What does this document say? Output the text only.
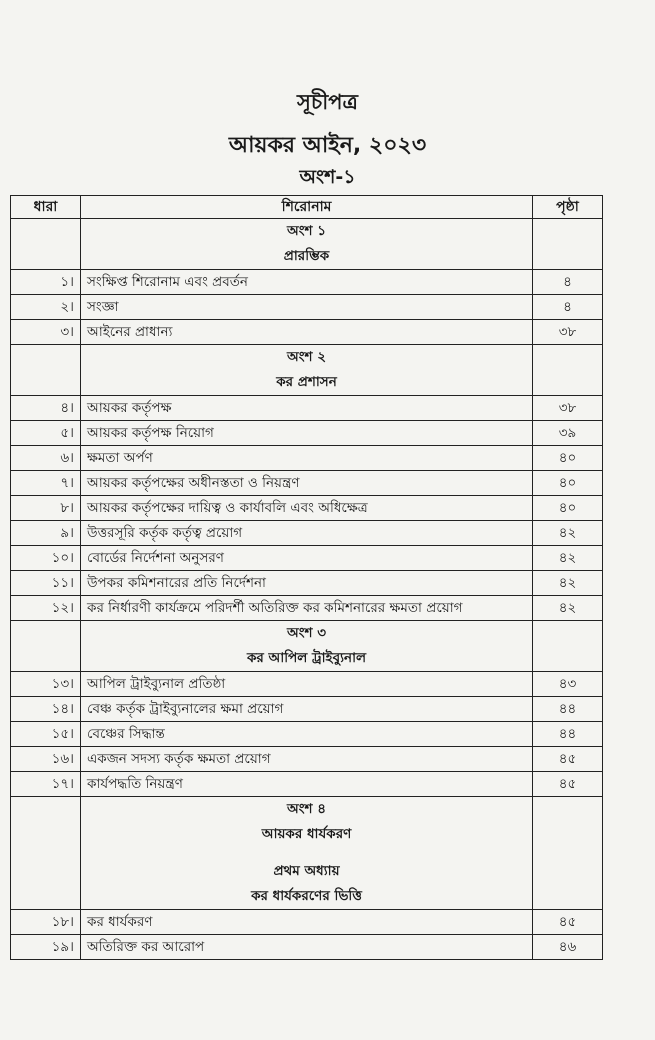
সূচীপত্র
আয়কর আইন, ২০২৩
অংশ-১
ধারা	শিরোনাম	পৃষ্ঠা

	অংশ ১
প্রারম্ভিক	

১।	সংক্ষিপ্ত শিরোনাম এবং প্রবর্তন	৪
২।	সংজ্ঞা	৪
৩।	আইনের প্রাধান্য	৩৮

	অংশ ২
কর প্রশাসন	

৪।	আয়কর কর্তৃপক্ষ	৩৮
৫।	আয়কর কর্তৃপক্ষ নিয়োগ	৩৯
৬।	ক্ষমতা অর্পণ	৪০
৭।	আয়কর কর্তৃপক্ষের অধীনস্ততা ও নিয়ন্ত্রণ	৪০
৮।	আয়কর কর্তৃপক্ষের দায়িত্ব ও কার্যাবলি এবং অধিক্ষেত্র	৪০
৯।	উত্তরসূরি কর্তৃক কর্তৃত্ব প্রয়োগ	৪২
১০।	বোর্ডের নির্দেশনা অনুসরণ	৪২
১১।	উপকর কমিশনারের প্রতি নির্দেশনা	৪২
১২।	কর নির্ধারণী কার্যক্রমে পরিদর্শী অতিরিক্ত কর কমিশনারের ক্ষমতা প্রয়োগ	৪২

	অংশ ৩
কর আপিল ট্রাইব্যুনাল	

১৩।	আপিল ট্রাইব্যুনাল প্রতিষ্ঠা	৪৩
১৪।	বেঞ্চ কর্তৃক ট্রাইব্যুনালের ক্ষমা প্রয়োগ	৪৪
১৫।	বেঞ্চের সিদ্ধান্ত	৪৪
১৬।	একজন সদস্য কর্তৃক ক্ষমতা প্রয়োগ	৪৫
১৭।	কার্যপদ্ধতি নিয়ন্ত্রণ	৪৫

	অংশ ৪
আয়কর ধার্যকরণ
প্রথম অধ্যায়
কর ধার্যকরণের ভিত্তি	

১৮।	কর ধার্যকরণ	৪৫
১৯।	অতিরিক্ত কর আরোপ	৪৬
